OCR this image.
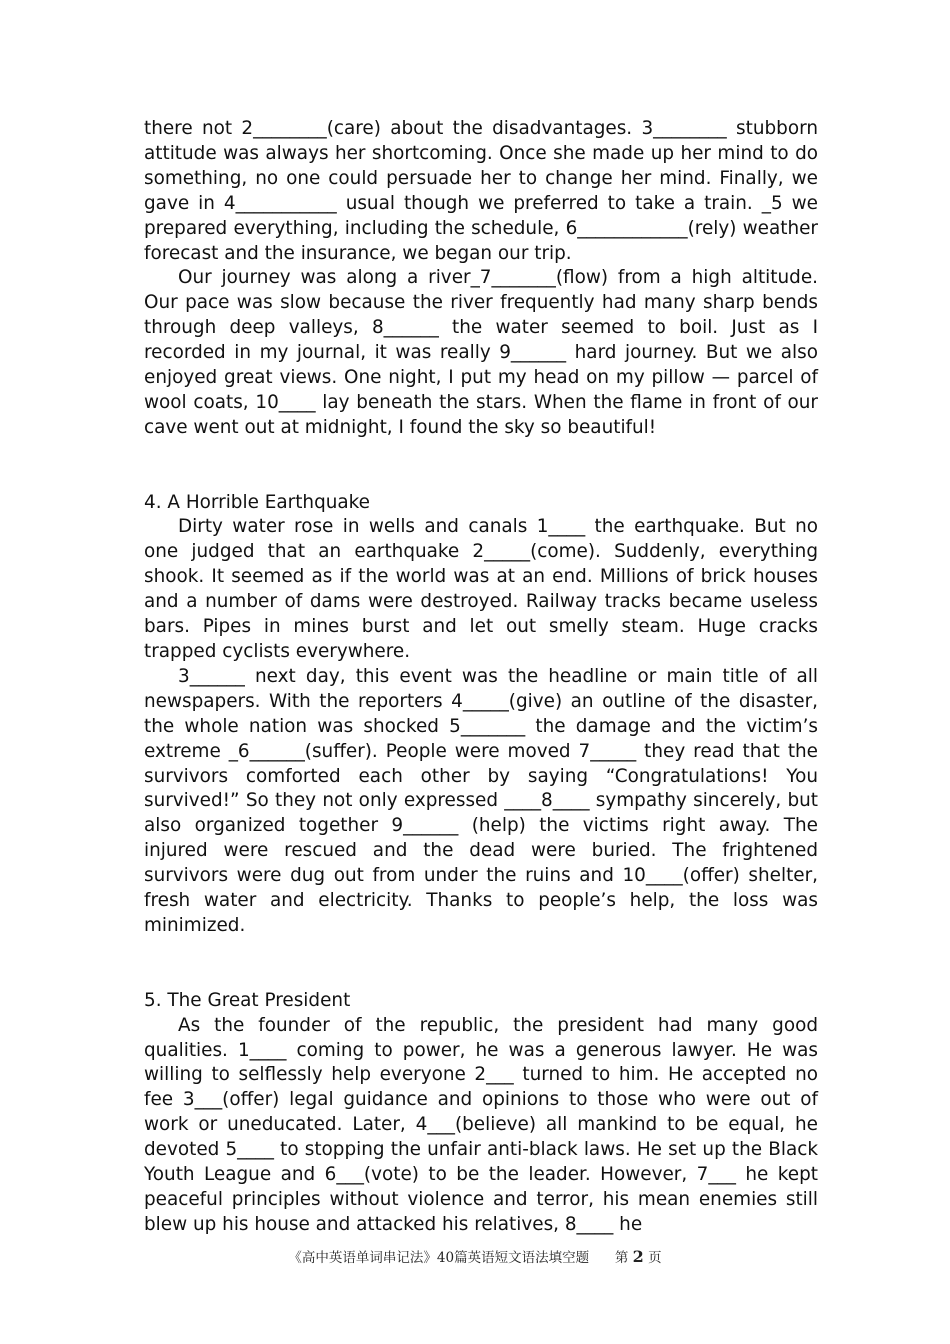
there not 2________(care) about the disadvantages. 3________ stubborn attitude was always her shortcoming. Once she made up her mind to do something, no one could persuade her to change her mind. Finally, we gave in 4___________ usual though we preferred to take a train. _5 we prepared everything, including the schedule, 6____________(rely) weather forecast and the insurance, we began our trip.

Our journey was along a river_7_______(flow) from a high altitude. Our pace was slow because the river frequently had many sharp bends through deep valleys, 8______ the water seemed to boil. Just as I recorded in my journal, it was really 9______ hard journey. But we also enjoyed great views. One night, I put my head on my pillow — parcel of wool coats, 10____ lay beneath the stars. When the flame in front of our cave went out at midnight, I found the sky so beautiful!

4. A Horrible Earthquake

Dirty water rose in wells and canals 1____ the earthquake. But no one judged that an earthquake 2_____(come). Suddenly, everything shook. It seemed as if the world was at an end. Millions of brick houses and a number of dams were destroyed. Railway tracks became useless bars. Pipes in mines burst and let out smelly steam. Huge cracks trapped cyclists everywhere.

3______ next day, this event was the headline or main title of all newspapers. With the reporters 4_____(give) an outline of the disaster, the whole nation was shocked 5_______ the damage and the victim’s extreme _6______(suffer). People were moved 7_____ they read that the survivors comforted each other by saying “Congratulations! You survived!” So they not only expressed ____8____ sympathy sincerely, but also organized together 9______ (help) the victims right away. The injured were rescued and the dead were buried. The frightened survivors were dug out from under the ruins and 10____(offer) shelter, fresh water and electricity. Thanks to people’s help, the loss was minimized.

5. The Great President

As the founder of the republic, the president had many good qualities. 1____ coming to power, he was a generous lawyer. He was willing to selflessly help everyone 2___ turned to him. He accepted no fee 3___(offer) legal guidance and opinions to those who were out of work or uneducated. Later, 4___(believe) all mankind to be equal, he devoted 5____ to stopping the unfair anti-black laws. He set up the Black Youth League and 6___(vote) to be the leader. However, 7___ he kept peaceful principles without violence and terror, his mean enemies still blew up his house and attacked his relatives, 8____ he

《高中英语单词串记法》40篇英语短文语法填空题 第 2 页
